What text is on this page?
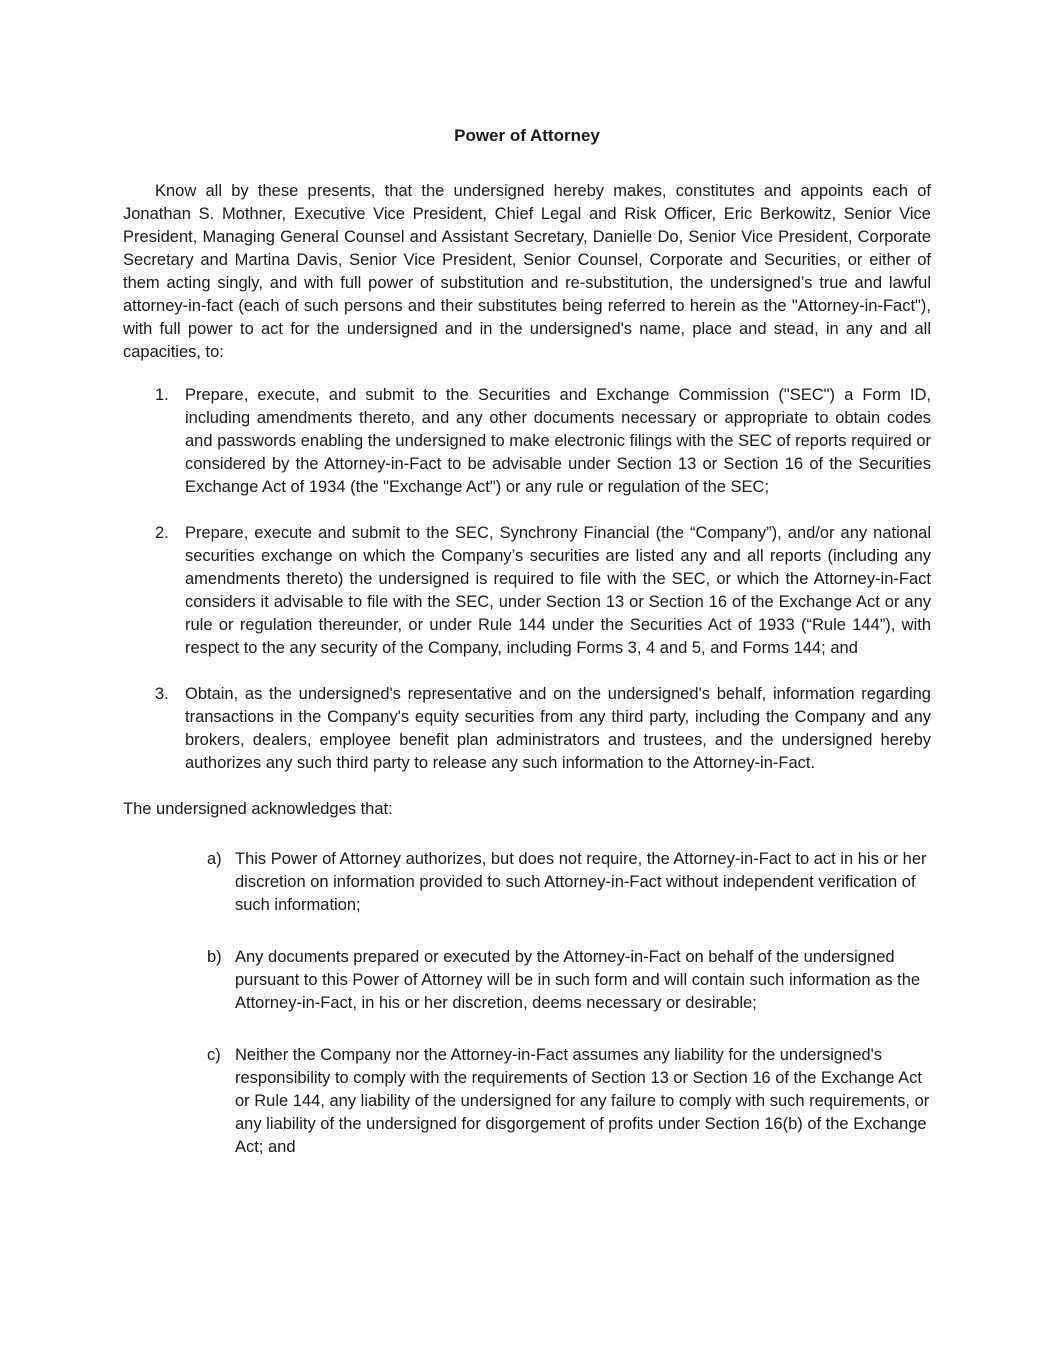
Power of Attorney

Know all by these presents, that the undersigned hereby makes, constitutes and appoints each of Jonathan S. Mothner, Executive Vice President, Chief Legal and Risk Officer, Eric Berkowitz, Senior Vice President, Managing General Counsel and Assistant Secretary, Danielle Do, Senior Vice President, Corporate Secretary and Martina Davis, Senior Vice President, Senior Counsel, Corporate and Securities, or either of them acting singly, and with full power of substitution and re-substitution, the undersigned’s true and lawful attorney-in-fact (each of such persons and their substitutes being referred to herein as the "Attorney-in-Fact"), with full power to act for the undersigned and in the undersigned's name, place and stead, in any and all capacities, to:

1. Prepare, execute, and submit to the Securities and Exchange Commission ("SEC") a Form ID, including amendments thereto, and any other documents necessary or appropriate to obtain codes and passwords enabling the undersigned to make electronic filings with the SEC of reports required or considered by the Attorney-in-Fact to be advisable under Section 13 or Section 16 of the Securities Exchange Act of 1934 (the "Exchange Act") or any rule or regulation of the SEC;
2. Prepare, execute and submit to the SEC, Synchrony Financial (the “Company”), and/or any national securities exchange on which the Company’s securities are listed any and all reports (including any amendments thereto) the undersigned is required to file with the SEC, or which the Attorney-in-Fact considers it advisable to file with the SEC, under Section 13 or Section 16 of the Exchange Act or any rule or regulation thereunder, or under Rule 144 under the Securities Act of 1933 (“Rule 144”), with respect to the any security of the Company, including Forms 3, 4 and 5, and Forms 144; and
3. Obtain, as the undersigned's representative and on the undersigned's behalf, information regarding transactions in the Company's equity securities from any third party, including the Company and any brokers, dealers, employee benefit plan administrators and trustees, and the undersigned hereby authorizes any such third party to release any such information to the Attorney-in-Fact.

The undersigned acknowledges that:

a) This Power of Attorney authorizes, but does not require, the Attorney-in-Fact to act in his or her discretion on information provided to such Attorney-in-Fact without independent verification of such information;
b) Any documents prepared or executed by the Attorney-in-Fact on behalf of the undersigned pursuant to this Power of Attorney will be in such form and will contain such information as the Attorney-in-Fact, in his or her discretion, deems necessary or desirable;
c) Neither the Company nor the Attorney-in-Fact assumes any liability for the undersigned's responsibility to comply with the requirements of Section 13 or Section 16 of the Exchange Act or Rule 144, any liability of the undersigned for any failure to comply with such requirements, or any liability of the undersigned for disgorgement of profits under Section 16(b) of the Exchange Act; and
